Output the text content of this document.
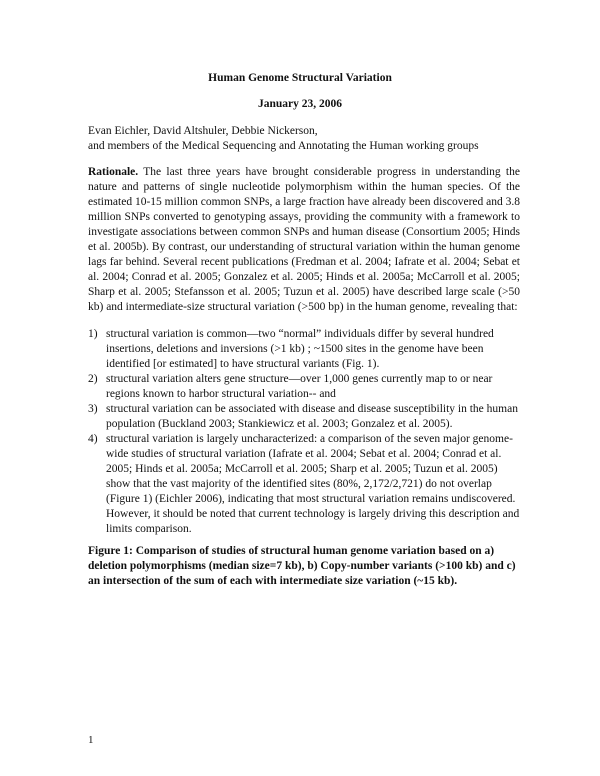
Human Genome Structural Variation
January 23, 2006
Evan Eichler, David Altshuler, Debbie Nickerson,
and members of the Medical Sequencing and Annotating the Human working groups
Rationale. The last three years have brought considerable progress in understanding the nature and patterns of single nucleotide polymorphism within the human species. Of the estimated 10-15 million common SNPs, a large fraction have already been discovered and 3.8 million SNPs converted to genotyping assays, providing the community with a framework to investigate associations between common SNPs and human disease (Consortium 2005; Hinds et al. 2005b). By contrast, our understanding of structural variation within the human genome lags far behind. Several recent publications (Fredman et al. 2004; Iafrate et al. 2004; Sebat et al. 2004; Conrad et al. 2005; Gonzalez et al. 2005; Hinds et al. 2005a; McCarroll et al. 2005; Sharp et al. 2005; Stefansson et al. 2005; Tuzun et al. 2005) have described large scale (>50 kb) and intermediate-size structural variation (>500 bp) in the human genome, revealing that:
1) structural variation is common—two “normal” individuals differ by several hundred insertions, deletions and inversions (>1 kb) ; ~1500 sites in the genome have been identified [or estimated] to have structural variants (Fig. 1).
2) structural variation alters gene structure—over 1,000 genes currently map to or near regions known to harbor structural variation-- and
3) structural variation can be associated with disease and disease susceptibility in the human population (Buckland 2003; Stankiewicz et al. 2003; Gonzalez et al. 2005).
4) structural variation is largely uncharacterized: a comparison of the seven major genome-wide studies of structural variation (Iafrate et al. 2004; Sebat et al. 2004; Conrad et al. 2005; Hinds et al. 2005a; McCarroll et al. 2005; Sharp et al. 2005; Tuzun et al. 2005) show that the vast majority of the identified sites (80%, 2,172/2,721) do not overlap (Figure 1) (Eichler 2006), indicating that most structural variation remains undiscovered. However, it should be noted that current technology is largely driving this description and limits comparison.
Figure 1: Comparison of studies of structural human genome variation based on a) deletion polymorphisms (median size=7 kb), b) Copy-number variants (>100 kb) and c) an intersection of the sum of each with intermediate size variation (~15 kb).
1
